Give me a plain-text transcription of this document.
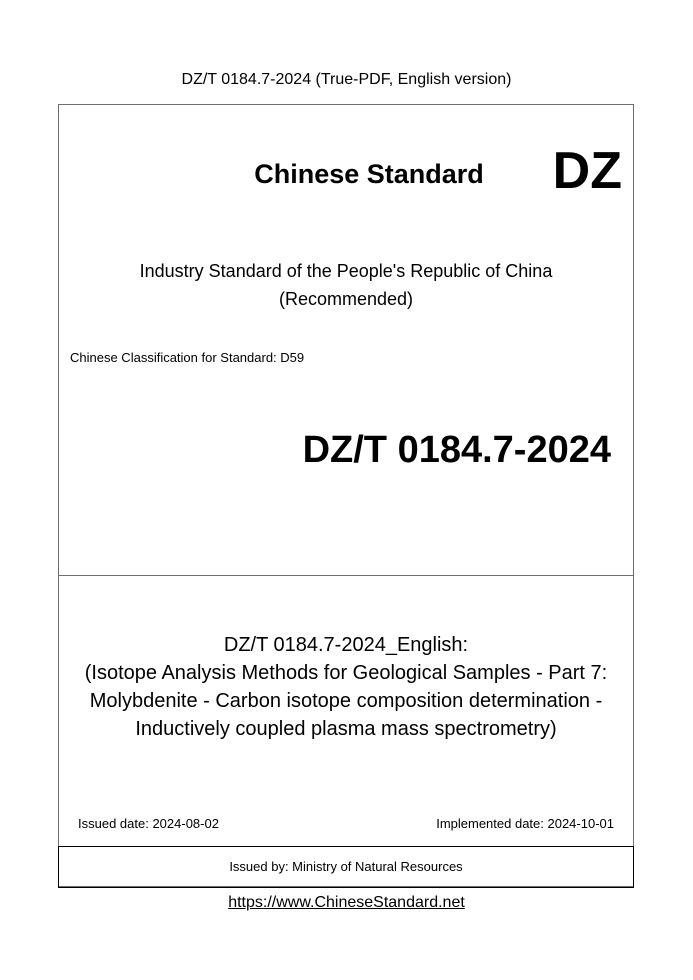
DZ/T 0184.7-2024 (True-PDF, English version)
Chinese Standard	DZ
Industry Standard of the People's Republic of China
(Recommended)
Chinese Classification for Standard: D59
DZ/T 0184.7-2024
DZ/T 0184.7-2024_English:
(Isotope Analysis Methods for Geological Samples - Part 7:
Molybdenite - Carbon isotope composition determination -
Inductively coupled plasma mass spectrometry)
Issued date: 2024-08-02	Implemented date: 2024-10-01
Issued by: Ministry of Natural Resources
https://www.ChineseStandard.net
